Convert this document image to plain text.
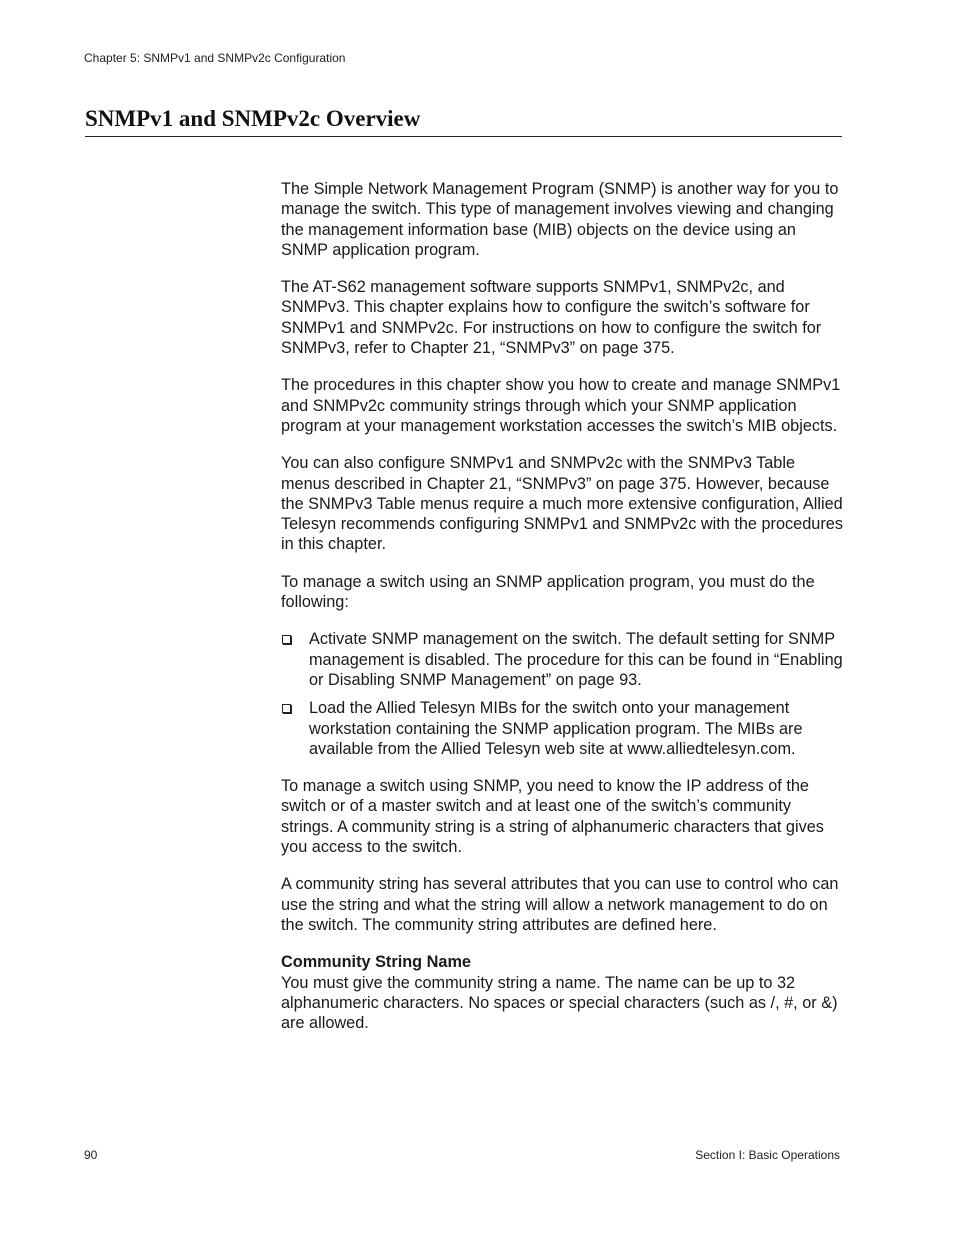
Chapter 5: SNMPv1 and SNMPv2c Configuration
SNMPv1 and SNMPv2c Overview

The Simple Network Management Program (SNMP) is another way for you to manage the switch. This type of management involves viewing and changing the management information base (MIB) objects on the device using an SNMP application program.

The AT-S62 management software supports SNMPv1, SNMPv2c, and SNMPv3. This chapter explains how to configure the switch’s software for SNMPv1 and SNMPv2c. For instructions on how to configure the switch for SNMPv3, refer to Chapter 21, “SNMPv3” on page 375.

The procedures in this chapter show you how to create and manage SNMPv1 and SNMPv2c community strings through which your SNMP application program at your management workstation accesses the switch’s MIB objects.

You can also configure SNMPv1 and SNMPv2c with the SNMPv3 Table menus described in Chapter 21, “SNMPv3” on page 375. However, because the SNMPv3 Table menus require a much more extensive configuration, Allied Telesyn recommends configuring SNMPv1 and SNMPv2c with the procedures in this chapter.

To manage a switch using an SNMP application program, you must do the following:

Activate SNMP management on the switch. The default setting for SNMP management is disabled. The procedure for this can be found in “Enabling or Disabling SNMP Management” on page 93.
Load the Allied Telesyn MIBs for the switch onto your management workstation containing the SNMP application program. The MIBs are available from the Allied Telesyn web site at www.alliedtelesyn.com.

To manage a switch using SNMP, you need to know the IP address of the switch or of a master switch and at least one of the switch’s community strings. A community string is a string of alphanumeric characters that gives you access to the switch.

A community string has several attributes that you can use to control who can use the string and what the string will allow a network management to do on the switch. The community string attributes are defined here.

Community String Name
You must give the community string a name. The name can be up to 32 alphanumeric characters. No spaces or special characters (such as /, #, or &) are allowed.

90	Section I: Basic Operations
